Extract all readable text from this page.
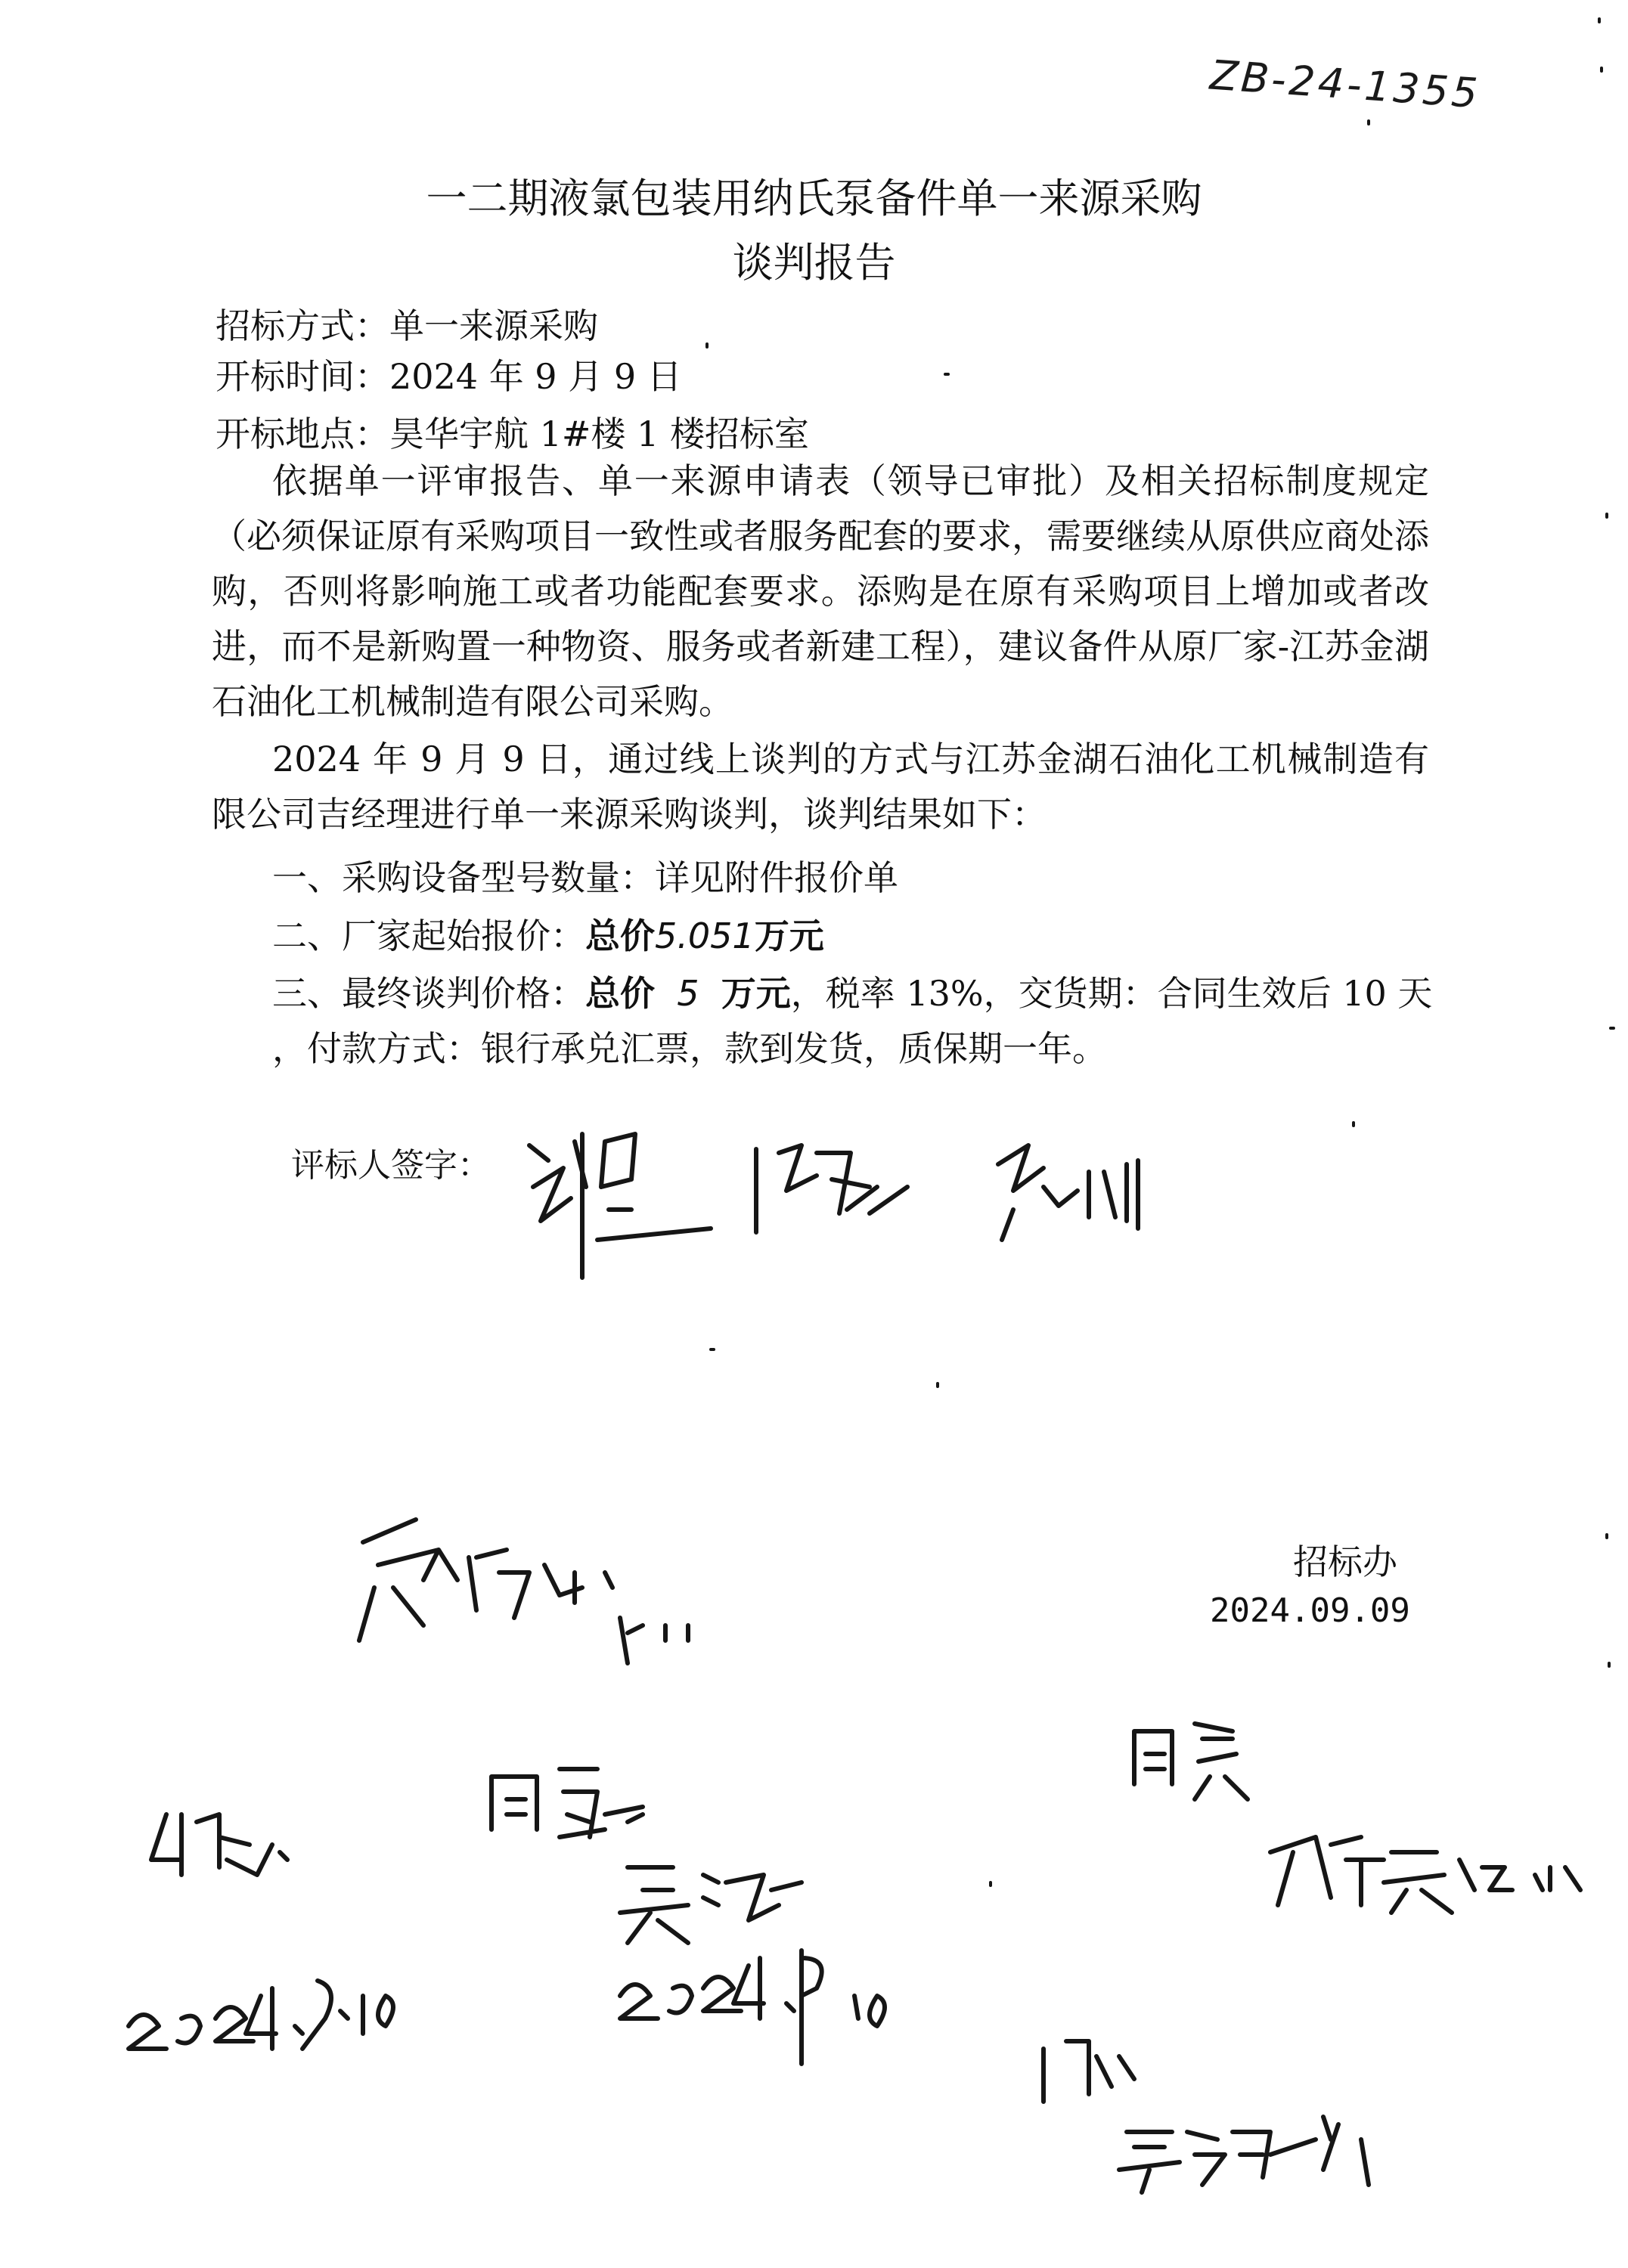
ZB-24-1355
一二期液氯包装用纳氏泵备件单一来源采购
谈判报告
招标方式：单一来源采购
开标时间：2024 年 9 月 9 日
开标地点：昊华宇航 1#楼 1 楼招标室

依据单一评审报告、单一来源申请表（领导已审批）及相关招标制度规定（必须保证原有采购项目一致性或者服务配套的要求，需要继续从原供应商处添购，否则将影响施工或者功能配套要求。添购是在原有采购项目上增加或者改进，而不是新购置一种物资、服务或者新建工程），建议备件从原厂家-江苏金湖石油化工机械制造有限公司采购。

2024 年 9 月 9 日，通过线上谈判的方式与江苏金湖石油化工机械制造有限公司吉经理进行单一来源采购谈判，谈判结果如下：

一、采购设备型号数量：详见附件报价单
二、厂家起始报价：总价5.051万元
三、最终谈判价格：总价 5 万元，税率 13%，交货期：合同生效后 10 天 ，付款方式：银行承兑汇票，款到发货，质保期一年。
评标人签字：
招标办
2024.09.09
